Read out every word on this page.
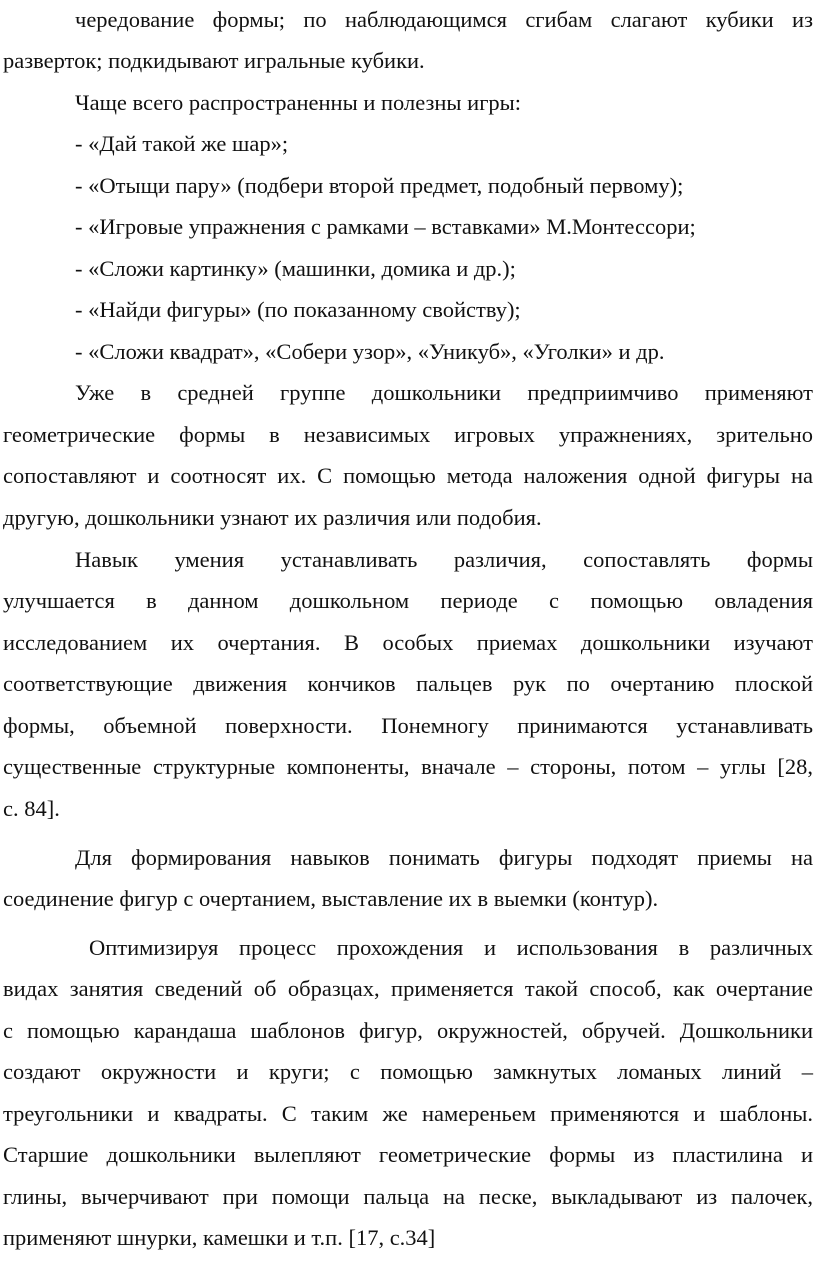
чередование формы; по наблюдающимся сгибам слагают кубики из
разверток; подкидывают игральные кубики.
Чаще всего распространенны и полезны игры:
- «Дай такой же шар»;
- «Отыщи пару» (подбери второй предмет, подобный первому);
- «Игровые упражнения с рамками – вставками» М.Монтессори;
- «Сложи картинку» (машинки, домика и др.);
- «Найди фигуры» (по показанному свойству);
- «Сложи квадрат», «Собери узор», «Уникуб», «Уголки» и др.
Уже в средней группе дошкольники предприимчиво применяют
геометрические формы в независимых игровых упражнениях, зрительно
сопоставляют и соотносят их. С помощью метода наложения одной фигуры на
другую, дошкольники узнают их различия или подобия.
Навык умения устанавливать различия, сопоставлять формы
улучшается в данном дошкольном периоде с помощью овладения
исследованием их очертания. В особых приемах дошкольники изучают
соответствующие движения кончиков пальцев рук по очертанию плоской
формы, объемной поверхности. Понемногу принимаются устанавливать
существенные структурные компоненты, вначале – стороны, потом – углы [28,
с. 84].
Для формирования навыков понимать фигуры подходят приемы на
соединение фигур с очертанием, выставление их в выемки (контур).
Оптимизируя процесс прохождения и использования в различных
видах занятия сведений об образцах, применяется такой способ, как очертание
с помощью карандаша шаблонов фигур, окружностей, обручей. Дошкольники
создают окружности и круги; с помощью замкнутых ломаных линий –
треугольники и квадраты. С таким же намереньем применяются и шаблоны.
Старшие дошкольники вылепляют геометрические формы из пластилина и
глины, вычерчивают при помощи пальца на песке, выкладывают из палочек,
применяют шнурки, камешки и т.п. [17, с.34]
